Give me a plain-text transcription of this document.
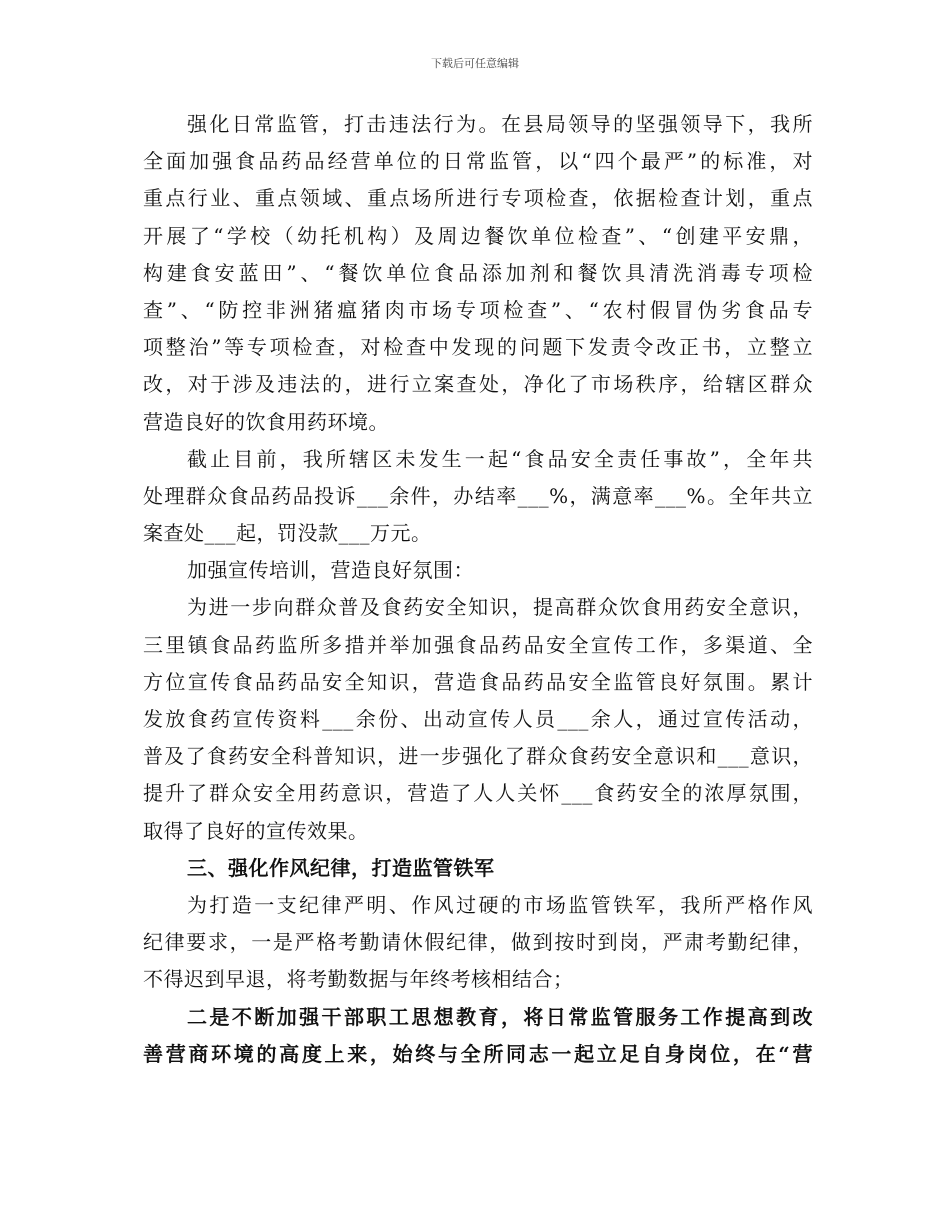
下载后可任意编辑
强化日常监管，打击违法行为。在县局领导的坚强领导下，我所
全面加强食品药品经营单位的日常监管，以“四个最严”的标准，对
重点行业、重点领域、重点场所进行专项检查，依据检查计划，重点
开展了“学校（幼托机构）及周边餐饮单位检查”、“创建平安鼎，
构建食安蓝田”、“餐饮单位食品添加剂和餐饮具清洗消毒专项检
查”、“防控非洲猪瘟猪肉市场专项检查”、“农村假冒伪劣食品专
项整治”等专项检查，对检查中发现的问题下发责令改正书，立整立
改，对于涉及违法的，进行立案查处，净化了市场秩序，给辖区群众
营造良好的饮食用药环境。
截止目前，我所辖区未发生一起“食品安全责任事故”，全年共
处理群众食品药品投诉___余件，办结率___%，满意率___%。全年共立
案查处___起，罚没款___万元。
加强宣传培训，营造良好氛围：
为进一步向群众普及食药安全知识，提高群众饮食用药安全意识，
三里镇食品药监所多措并举加强食品药品安全宣传工作，多渠道、全
方位宣传食品药品安全知识，营造食品药品安全监管良好氛围。累计
发放食药宣传资料___余份、出动宣传人员___余人，通过宣传活动，
普及了食药安全科普知识，进一步强化了群众食药安全意识和___意识，
提升了群众安全用药意识，营造了人人关怀___食药安全的浓厚氛围，
取得了良好的宣传效果。
三、强化作风纪律，打造监管铁军
为打造一支纪律严明、作风过硬的市场监管铁军，我所严格作风
纪律要求，一是严格考勤请休假纪律，做到按时到岗，严肃考勤纪律，
不得迟到早退，将考勤数据与年终考核相结合；
二是不断加强干部职工思想教育，将日常监管服务工作提高到改
善营商环境的高度上来，始终与全所同志一起立足自身岗位，在“营
